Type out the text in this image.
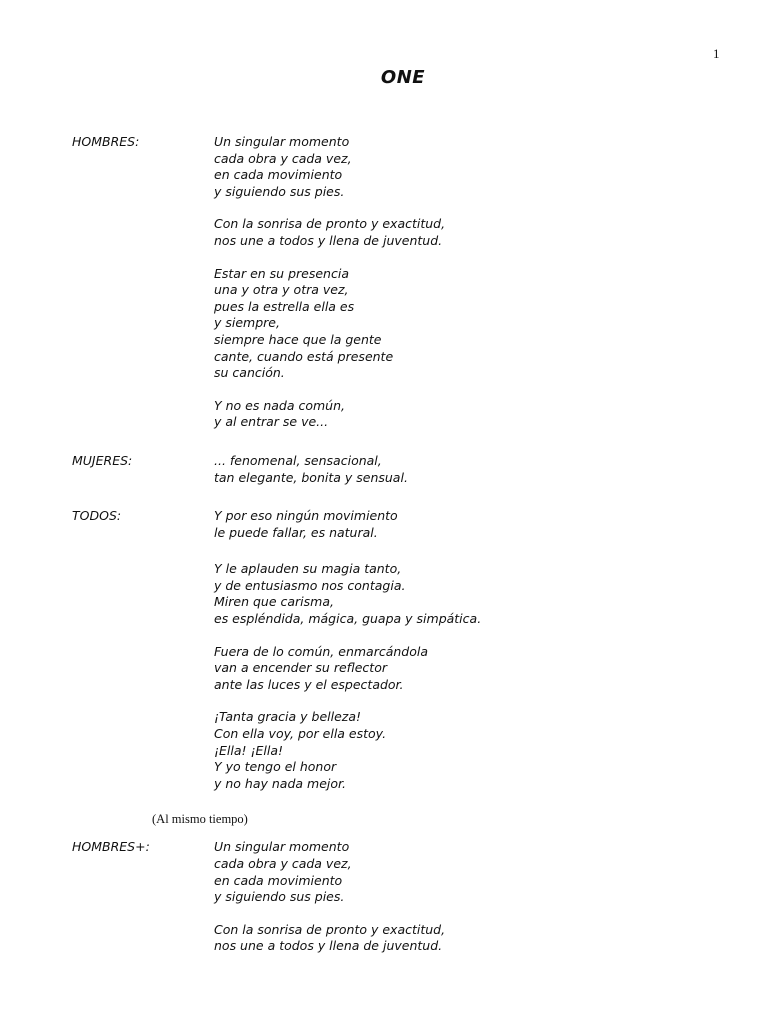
1
ONE
HOMBRES:	Un singular momento
cada obra y cada vez,
en cada movimiento
y siguiendo sus pies.
Con la sonrisa de pronto y exactitud,
nos une a todos y llena de juventud.
Estar en su presencia
una y otra y otra vez,
pues la estrella ella es
y siempre,
siempre hace que la gente
cante, cuando está presente
su canción.
Y no es nada común,
y al entrar se ve...
MUJERES:	... fenomenal, sensacional,
tan elegante, bonita y sensual.
TODOS:	Y por eso ningún movimiento
le puede fallar, es natural.
Y le aplauden su magia tanto,
y de entusiasmo nos contagia.
Miren que carisma,
es espléndida, mágica, guapa y simpática.
Fuera de lo común, enmarcándola
van a encender su reflector
ante las luces y el espectador.
¡Tanta gracia y belleza!
Con ella voy, por ella estoy.
¡Ella! ¡Ella!
Y yo tengo el honor
y no hay nada mejor.
(Al mismo tiempo)
HOMBRES+:	Un singular momento
cada obra y cada vez,
en cada movimiento
y siguiendo sus pies.
Con la sonrisa de pronto y exactitud,
nos une a todos y llena de juventud.
